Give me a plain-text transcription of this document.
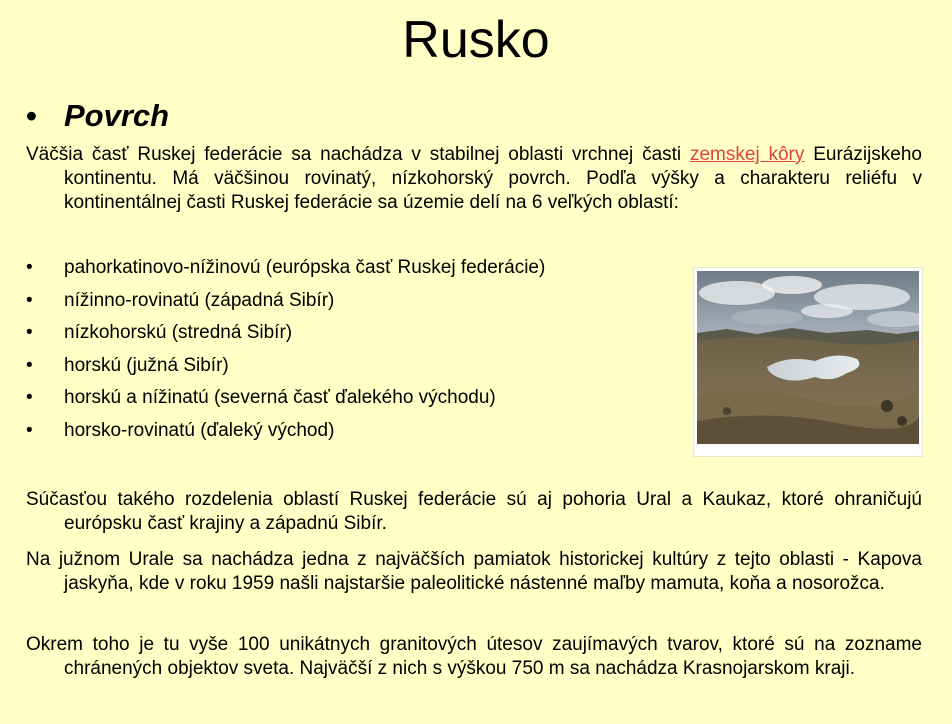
Rusko
• Povrch
Väčšia časť Ruskej federácie sa nachádza v stabilnej oblasti vrchnej časti zemskej kôry Eurázijskeho kontinentu. Má väčšinou rovinatý, nízkohorský povrch. Podľa výšky a charakteru reliéfu v kontinentálnej časti Ruskej federácie sa územie delí na 6 veľkých oblastí:
• pahorkatinovo-nížinovú (európska časť Ruskej federácie)
• nížinno-rovinatú (západná Sibír)
• nízkohorskú (stredná Sibír)
• horskú (južná Sibír)
• horskú a nížinatú (severná časť ďalekého východu)
• horsko-rovinatú (ďaleký východ)
Súčasťou takého rozdelenia oblastí Ruskej federácie sú aj pohoria Ural a Kaukaz, ktoré ohraničujú európsku časť krajiny a západnú Sibír.
Na južnom Urale sa nachádza jedna z najväčších pamiatok historickej kultúry z tejto oblasti - Kapova jaskyňa, kde v roku 1959 našli najstaršie paleolitické nástenné maľby mamuta, koňa a nosorožca.
Okrem toho je tu vyše 100 unikátnych granitových útesov zaujímavých tvarov, ktoré sú na zozname chránených objektov sveta. Najväčší z nich s výškou 750 m sa nachádza Krasnojarskom kraji.
